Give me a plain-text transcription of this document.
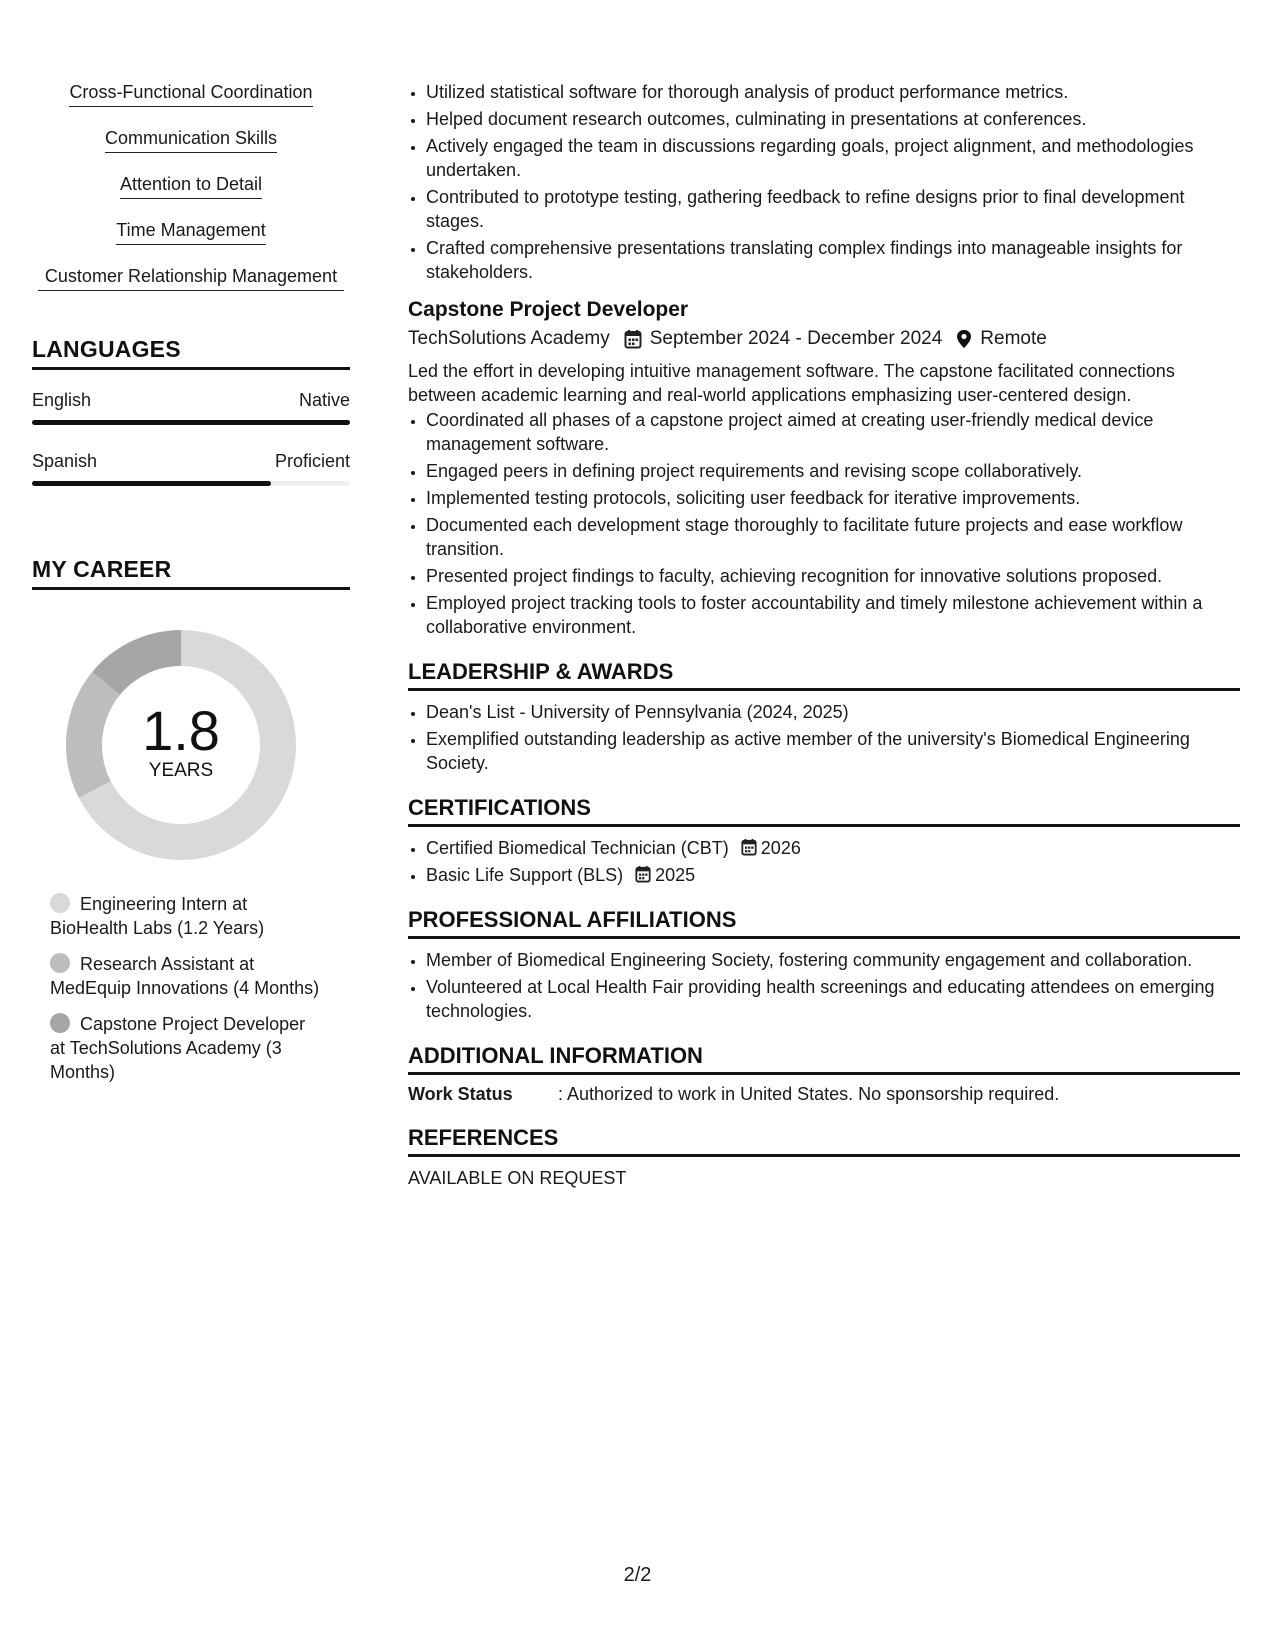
Cross-Functional Coordination
Communication Skills
Attention to Detail
Time Management
Customer Relationship Management
LANGUAGES
English	Native
Spanish	Proficient
MY CAREER
1.8
YEARS
Engineering Intern at BioHealth Labs (1.2 Years)
Research Assistant at MedEquip Innovations (4 Months)
Capstone Project Developer at TechSolutions Academy (3 Months)
• Utilized statistical software for thorough analysis of product performance metrics.
• Helped document research outcomes, culminating in presentations at conferences.
• Actively engaged the team in discussions regarding goals, project alignment, and methodologies undertaken.
• Contributed to prototype testing, gathering feedback to refine designs prior to final development stages.
• Crafted comprehensive presentations translating complex findings into manageable insights for stakeholders.
Capstone Project Developer
TechSolutions Academy September 2024 - December 2024 Remote

Led the effort in developing intuitive management software. The capstone facilitated connections between academic learning and real-world applications emphasizing user-centered design.

• Coordinated all phases of a capstone project aimed at creating user-friendly medical device management software.
• Engaged peers in defining project requirements and revising scope collaboratively.
• Implemented testing protocols, soliciting user feedback for iterative improvements.
• Documented each development stage thoroughly to facilitate future projects and ease workflow transition.
• Presented project findings to faculty, achieving recognition for innovative solutions proposed.
• Employed project tracking tools to foster accountability and timely milestone achievement within a collaborative environment.
LEADERSHIP & AWARDS
• Dean's List - University of Pennsylvania (2024, 2025)
• Exemplified outstanding leadership as active member of the university's Biomedical Engineering Society.
CERTIFICATIONS
• Certified Biomedical Technician (CBT) 2026
• Basic Life Support (BLS) 2025
PROFESSIONAL AFFILIATIONS
• Member of Biomedical Engineering Society, fostering community engagement and collaboration.
• Volunteered at Local Health Fair providing health screenings and educating attendees on emerging technologies.
ADDITIONAL INFORMATION
Work Status	: Authorized to work in United States. No sponsorship required.
REFERENCES
AVAILABLE ON REQUEST
2/2
